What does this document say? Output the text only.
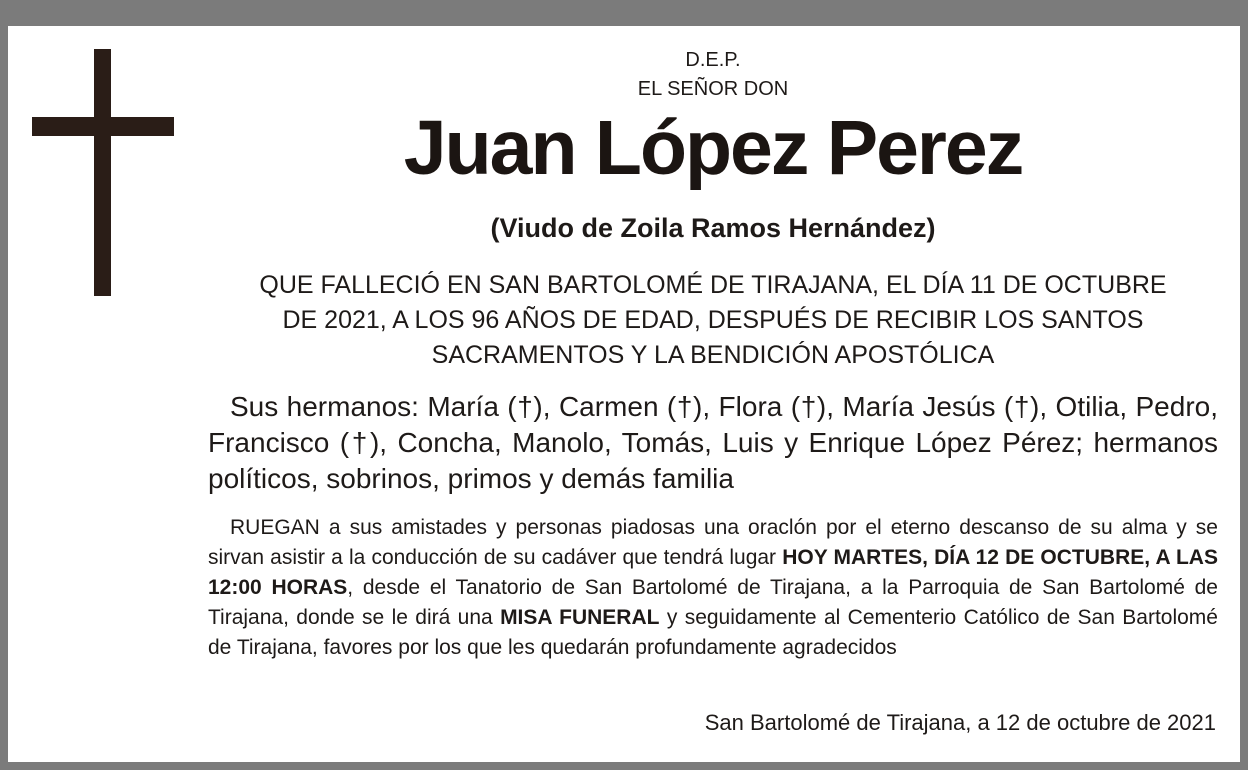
D.E.P.

EL SEÑOR DON

Juan López Perez

(Viudo de Zoila Ramos Hernández)

QUE FALLECIÓ EN SAN BARTOLOMÉ DE TIRAJANA, EL DÍA 11 DE OCTUBRE DE 2021, A LOS 96 AÑOS DE EDAD, DESPUÉS DE RECIBIR LOS SANTOS SACRAMENTOS Y LA BENDICIÓN APOSTÓLICA

Sus hermanos: María (†), Carmen (†), Flora (†), María Jesús (†), Otilia, Pedro, Francisco (†), Concha, Manolo, Tomás, Luis y Enrique López Pérez; hermanos políticos, sobrinos, primos y demás familia

RUEGAN a sus amistades y personas piadosas una oraclón por el eterno descanso de su alma y se sirvan asistir a la conducción de su cadáver que tendrá lugar HOY MARTES, DÍA 12 DE OCTUBRE, A LAS 12:00 HORAS, desde el Tanatorio de San Bartolomé de Tirajana, a la Parroquia de San Bartolomé de Tirajana, donde se le dirá una MISA FUNERAL y seguidamente al Cementerio Católico de San Bartolomé de Tirajana, favores por los que les quedarán profundamente agradecidos

San Bartolomé de Tirajana, a 12 de octubre de 2021
